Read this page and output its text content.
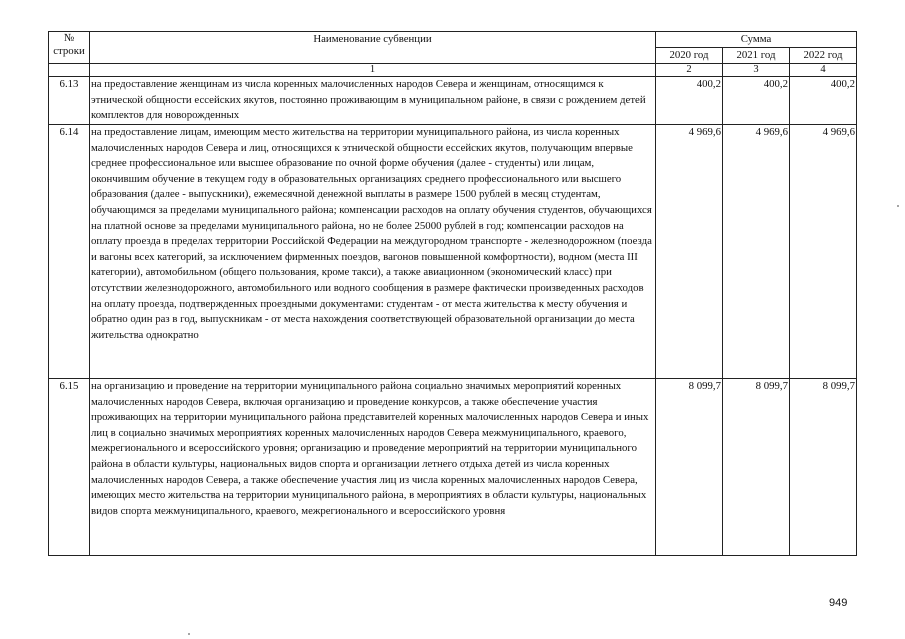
№
строки	Наименование субвенции	Сумма		
		2020 год	2021 год	2022 год
	1	2	3	4
6.13	на предоставление женщинам из числа коренных малочисленных народов Севера и женщинам, относящимся к этнической общности ессейских якутов, постоянно проживающим в муниципальном районе, в связи с рождением детей комплектов для новорожденных	400,2	400,2	400,2
6.14	на предоставление лицам, имеющим место жительства на территории муниципального района, из числа коренных малочисленных народов Севера и лиц, относящихся к этнической общности ессейских якутов, получающим впервые среднее профессиональное или высшее образование по очной форме обучения (далее - студенты) или лицам, окончившим обучение в текущем году в образовательных организациях среднего профессионального или высшего образования (далее - выпускники), ежемесячной денежной выплаты в размере 1500 рублей в месяц студентам, обучающимся за пределами муниципального района; компенсации расходов на оплату обучения студентов, обучающихся на платной основе за пределами муниципального района, но не более 25000 рублей в год; компенсации расходов на оплату проезда в пределах территории Российской Федерации на междугородном транспорте - железнодорожном (поезда и вагоны всех категорий, за исключением фирменных поездов, вагонов повышенной комфортности), водном (места III категории), автомобильном (общего пользования, кроме такси), а также авиационном (экономический класс) при отсутствии железнодорожного, автомобильного или водного сообщения в размере фактически произведенных расходов на оплату проезда, подтвержденных проездными документами: студентам - от места жительства к месту обучения и обратно один раз в год, выпускникам - от места нахождения соответствующей образовательной организации до места жительства однократно	4 969,6	4 969,6	4 969,6
6.15	на организацию и проведение на территории муниципального района социально значимых мероприятий коренных малочисленных народов Севера, включая организацию и проведение конкурсов, а также обеспечение участия проживающих на территории муниципального района представителей коренных малочисленных народов Севера и иных лиц в социально значимых мероприятиях коренных малочисленных народов Севера межмуниципального, краевого, межрегионального и всероссийского уровня; организацию и проведение мероприятий на территории муниципального района в области культуры, национальных видов спорта и организации летнего отдыха детей из числа коренных малочисленных народов Севера, а также обеспечение участия лиц из числа коренных малочисленных народов Севера, имеющих место жительства на территории муниципального района, в мероприятиях в области культуры, национальных видов спорта межмуниципального, краевого, межрегионального и всероссийского уровня	8 099,7	8 099,7	8 099,7
949
